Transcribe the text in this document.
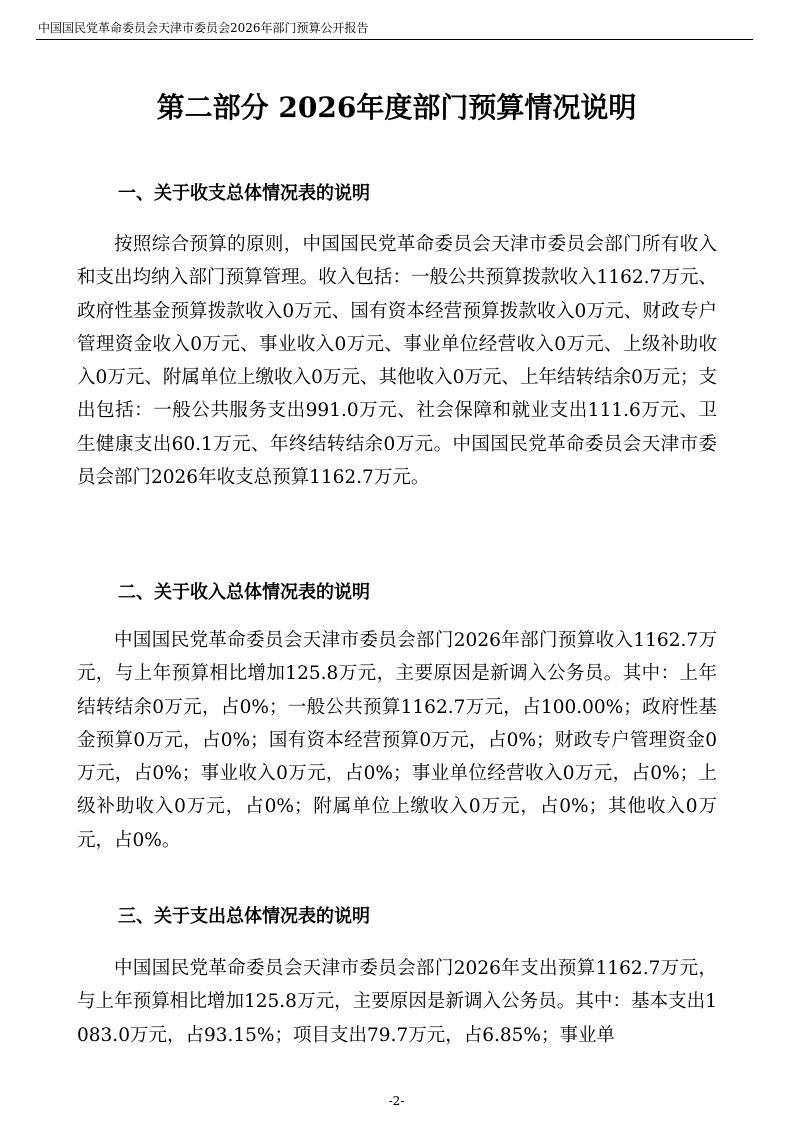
中国国民党革命委员会天津市委员会2026年部门预算公开报告
第二部分 2026年度部门预算情况说明
一、关于收支总体情况表的说明

按照综合预算的原则，中国国民党革命委员会天津市委员会部门所有收入和支出均纳入部门预算管理。收入包括：一般公共预算拨款收入1162.7万元、政府性基金预算拨款收入0万元、国有资本经营预算拨款收入0万元、财政专户管理资金收入0万元、事业收入0万元、事业单位经营收入0万元、上级补助收入0万元、附属单位上缴收入0万元、其他收入0万元、上年结转结余0万元；支出包括：一般公共服务支出991.0万元、社会保障和就业支出111.6万元、卫生健康支出60.1万元、年终结转结余0万元。中国国民党革命委员会天津市委员会部门2026年收支总预算1162.7万元。

二、关于收入总体情况表的说明

中国国民党革命委员会天津市委员会部门2026年部门预算收入1162.7万元，与上年预算相比增加125.8万元，主要原因是新调入公务员。其中：上年结转结余0万元，占0%；一般公共预算1162.7万元，占100.00%；政府性基金预算0万元，占0%；国有资本经营预算0万元，占0%；财政专户管理资金0万元，占0%；事业收入0万元，占0%；事业单位经营收入0万元，占0%；上级补助收入0万元，占0%；附属单位上缴收入0万元，占0%；其他收入0万元，占0%。

三、关于支出总体情况表的说明

中国国民党革命委员会天津市委员会部门2026年支出预算1162.7万元，与上年预算相比增加125.8万元，主要原因是新调入公务员。其中：基本支出1083.0万元，占93.15%；项目支出79.7万元，占6.85%；事业单

-2-
